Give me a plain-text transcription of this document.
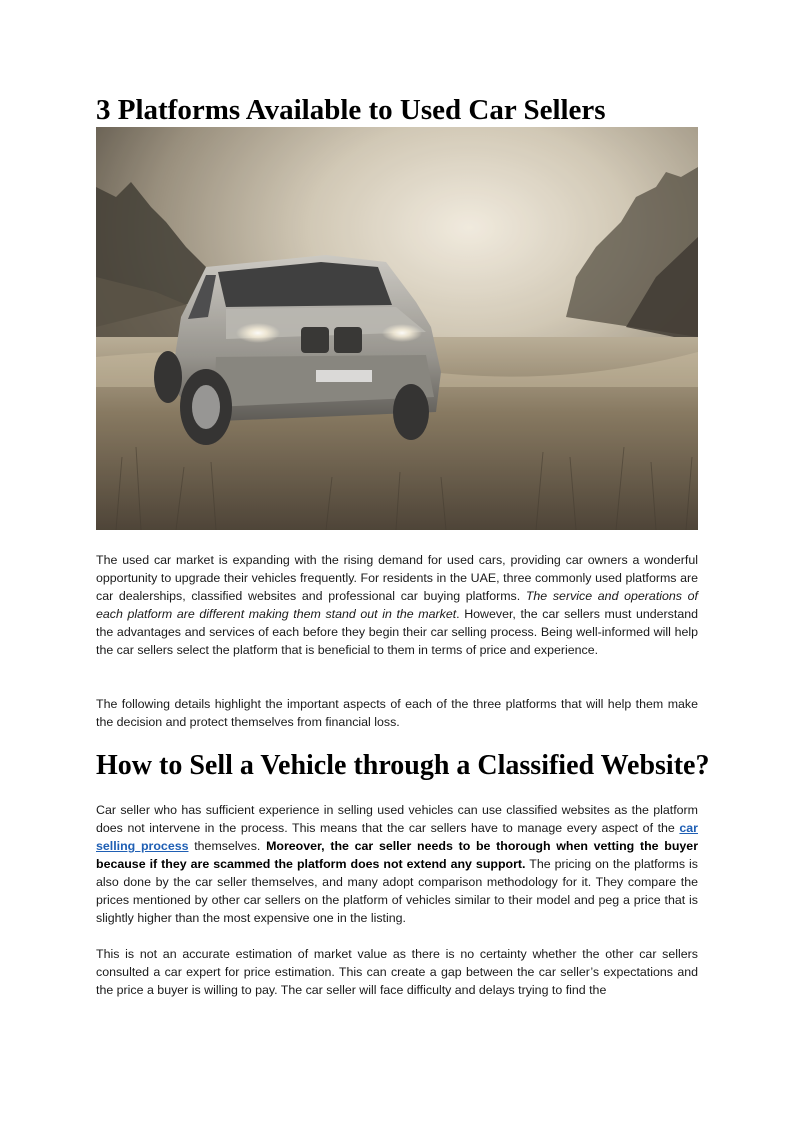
3 Platforms Available to Used Car Sellers

The used car market is expanding with the rising demand for used cars, providing car owners a wonderful opportunity to upgrade their vehicles frequently. For residents in the UAE, three commonly used platforms are car dealerships, classified websites and professional car buying platforms. The service and operations of each platform are different making them stand out in the market. However, the car sellers must understand the advantages and services of each before they begin their car selling process. Being well-informed will help the car sellers select the platform that is beneficial to them in terms of price and experience.

The following details highlight the important aspects of each of the three platforms that will help them make the decision and protect themselves from financial loss.

How to Sell a Vehicle through a Classified Website?

Car seller who has sufficient experience in selling used vehicles can use classified websites as the platform does not intervene in the process. This means that the car sellers have to manage every aspect of the car selling process themselves. Moreover, the car seller needs to be thorough when vetting the buyer because if they are scammed the platform does not extend any support. The pricing on the platforms is also done by the car seller themselves, and many adopt comparison methodology for it. They compare the prices mentioned by other car sellers on the platform of vehicles similar to their model and peg a price that is slightly higher than the most expensive one in the listing.

This is not an accurate estimation of market value as there is no certainty whether the other car sellers consulted a car expert for price estimation. This can create a gap between the car seller’s expectations and the price a buyer is willing to pay. The car seller will face difficulty and delays trying to find the
